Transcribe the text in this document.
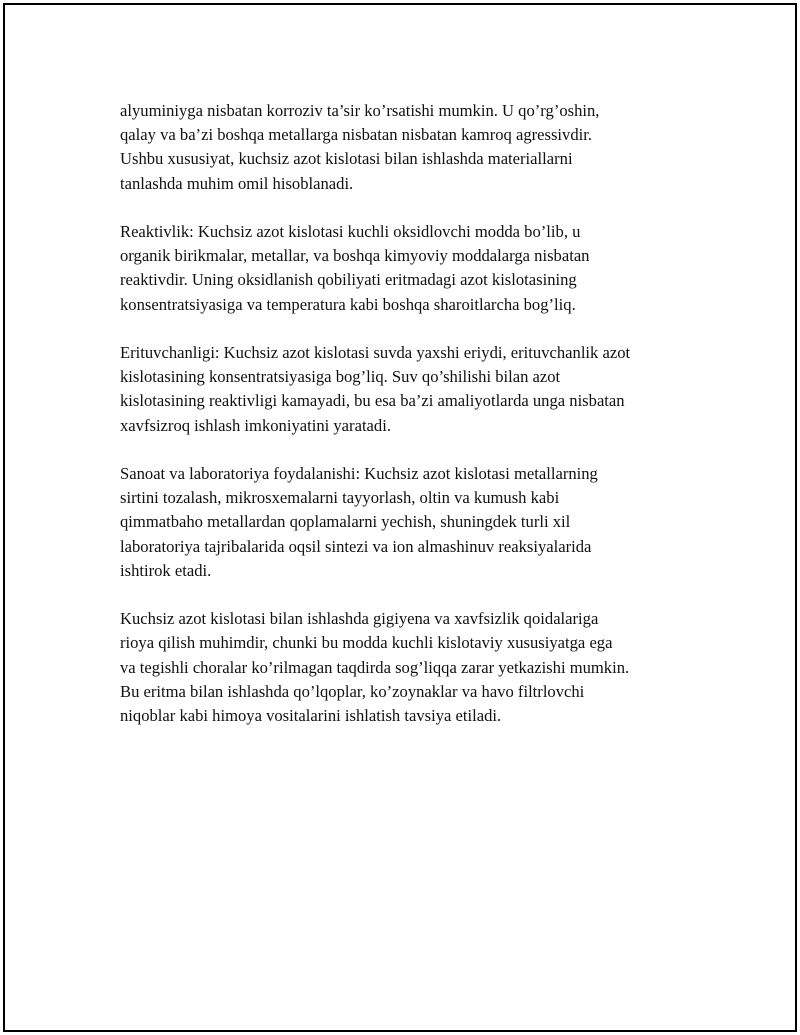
alyuminiyga nisbatan korroziv ta’sir ko’rsatishi mumkin. U qo’rg’oshin,
qalay va ba’zi boshqa metallarga nisbatan nisbatan kamroq agressivdir.
Ushbu xususiyat, kuchsiz azot kislotasi bilan ishlashda materiallarni
tanlashda muhim omil hisoblanadi.

Reaktivlik: Kuchsiz azot kislotasi kuchli oksidlovchi modda bo’lib, u
organik birikmalar, metallar, va boshqa kimyoviy moddalarga nisbatan
reaktivdir. Uning oksidlanish qobiliyati eritmadagi azot kislotasining
konsentratsiyasiga va temperatura kabi boshqa sharoitlarcha bog’liq.

Erituvchanligi: Kuchsiz azot kislotasi suvda yaxshi eriydi, erituvchanlik azot
kislotasining konsentratsiyasiga bog’liq. Suv qo’shilishi bilan azot
kislotasining reaktivligi kamayadi, bu esa ba’zi amaliyotlarda unga nisbatan
xavfsizroq ishlash imkoniyatini yaratadi.

Sanoat va laboratoriya foydalanishi: Kuchsiz azot kislotasi metallarning
sirtini tozalash, mikrosxemalarni tayyorlash, oltin va kumush kabi
qimmatbaho metallardan qoplamalarni yechish, shuningdek turli xil
laboratoriya tajribalarida oqsil sintezi va ion almashinuv reaksiyalarida
ishtirok etadi.

Kuchsiz azot kislotasi bilan ishlashda gigiyena va xavfsizlik qoidalariga
rioya qilish muhimdir, chunki bu modda kuchli kislotaviy xususiyatga ega
va tegishli choralar ko’rilmagan taqdirda sog’liqqa zarar yetkazishi mumkin.
Bu eritma bilan ishlashda qo’lqoplar, ko’zoynaklar va havo filtrlovchi
niqoblar kabi himoya vositalarini ishlatish tavsiya etiladi.
